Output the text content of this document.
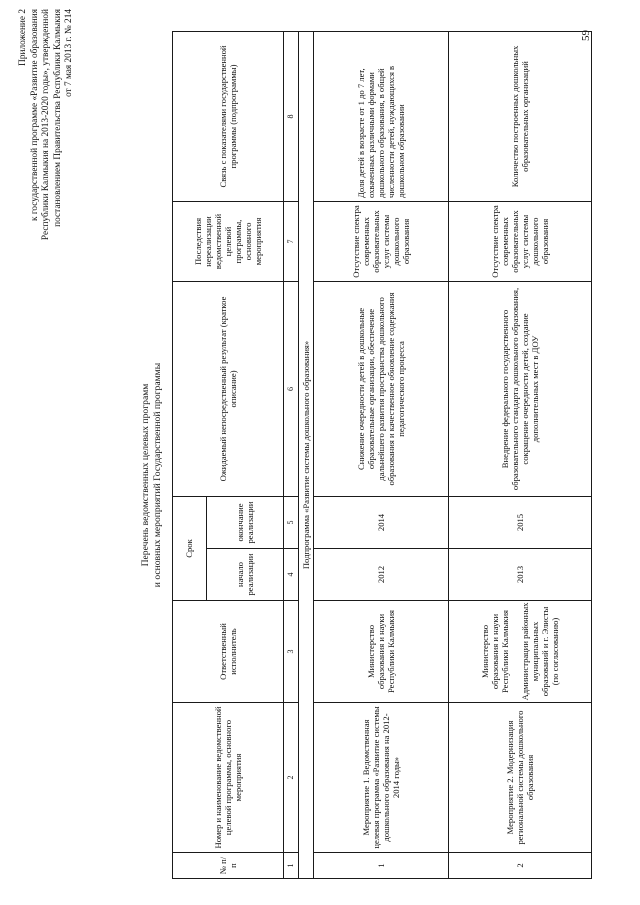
59
Приложение 2 к государственной программе «Развитие образования Республики Калмыкия на 2013-2020 годы», утвержденной постановлением Правительства Республики Калмыкия от 7 мая 2013 г. № 214
Перечень ведомственных целевых программ и основных мероприятий Государственной программы
№ п/п	Номер и наименование ведомственной целевой программы, основного мероприятия	Ответственный исполнитель	Срок		Ожидаемый непосредственный результат (краткое описание)	Последствия нереализации ведомственной целевой программы, основного мероприятия	Связь с показателями государственной программы (подпрограммы)
			начало реализации	окончание реализации			
1	2	3	4	5	6	7	8
Подпрограмма «Развитие системы дошкольного образования»							
1	Мероприятие 1. Ведомственная целевая программа «Развитие системы дошкольного образования на 2012-2014 годы»	Министерство образования и науки Республики Калмыкия	2012	2014	Снижение очередности детей в дошкольные образовательные организации, обеспечение дальнейшего развития пространства дошкольного образования и качественное обновление содержания педагогического процесса	Отсутствие спектра современных образовательных услуг системы дошкольного образования	Доля детей в возрасте от 1 до 7 лет, охваченных различными формами дошкольного образования, в общей численности детей, нуждающихся в дошкольном образовании
2	Мероприятие 2. Модернизация региональной системы дошкольного образования	Министерство образования и науки Республики Калмыкия Администрации районных муниципальных образований и г. Элисты (по согласованию)	2013	2015	Внедрение федерального государственного образовательного стандарта дошкольного образования, сокращение очередности детей, создание дополнительных мест в ДОУ	Отсутствие спектра современных образовательных услуг системы дошкольного образования	Количество построенных дошкольных образовательных организаций
